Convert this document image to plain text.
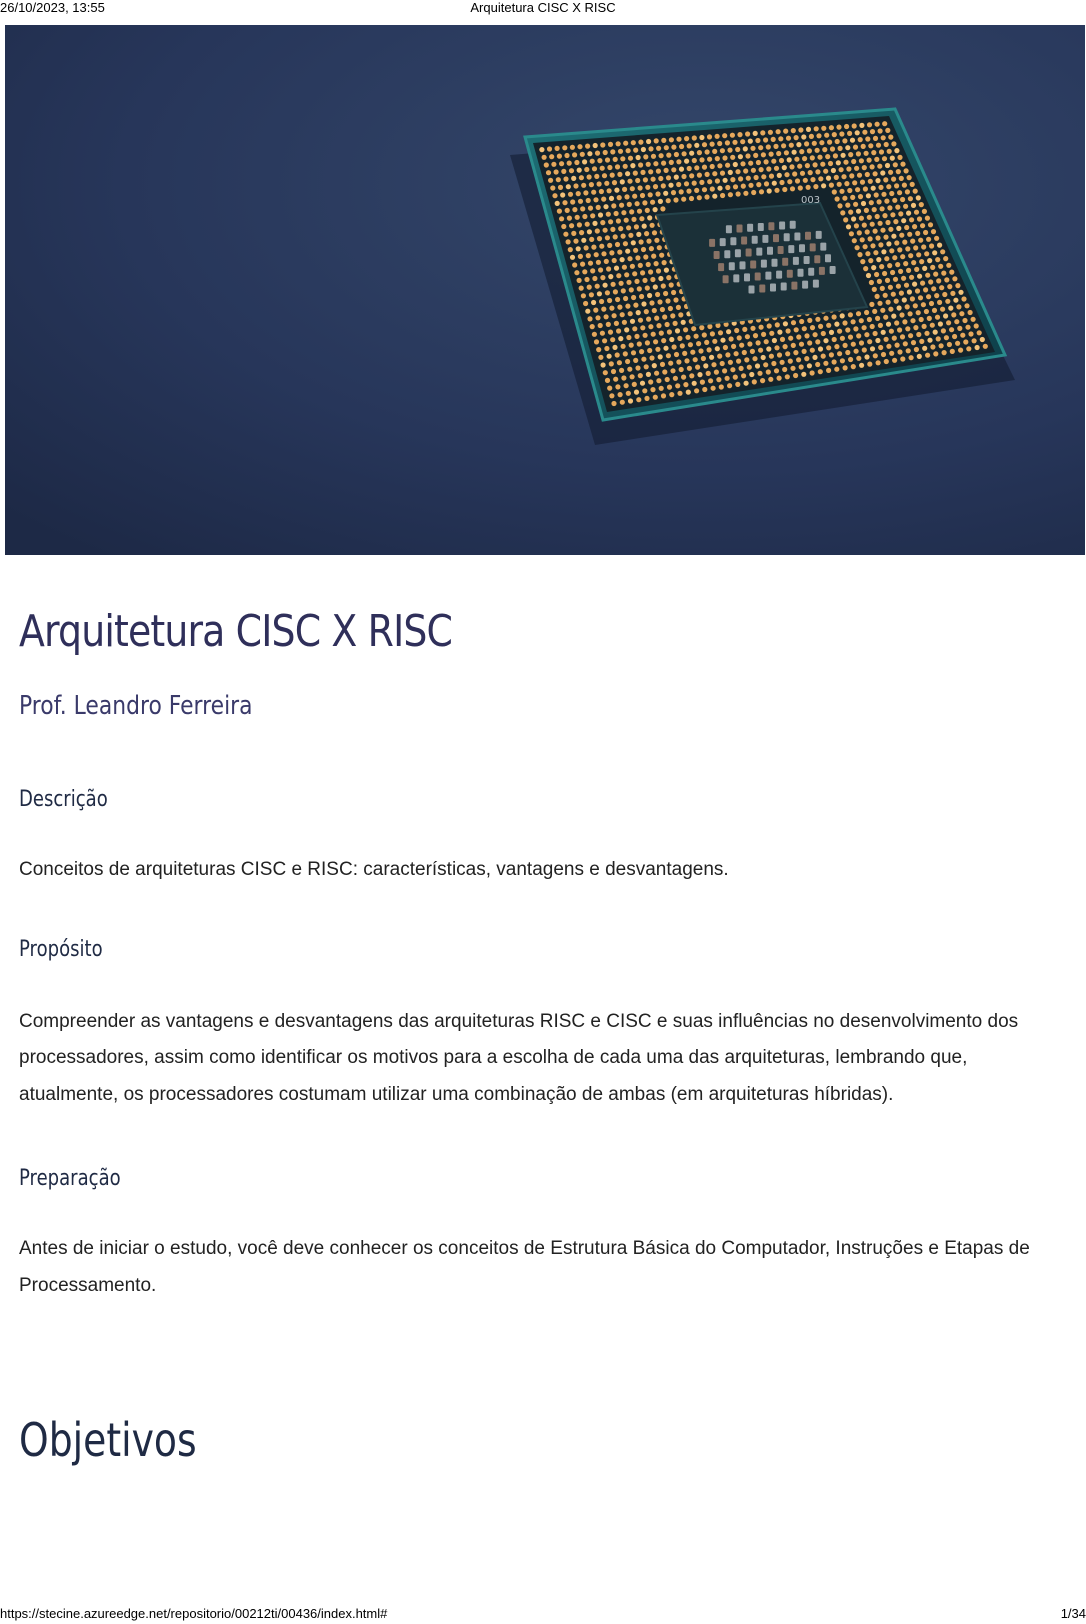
26/10/2023, 13:55	Arquitetura CISC X RISC
003
Arquitetura CISC X RISC
Prof. Leandro Ferreira
Descrição

Conceitos de arquiteturas CISC e RISC: características, vantagens e desvantagens.

Propósito

Compreender as vantagens e desvantagens das arquiteturas RISC e CISC e suas influências no desenvolvimento dos processadores, assim como identificar os motivos para a escolha de cada uma das arquiteturas, lembrando que, atualmente, os processadores costumam utilizar uma combinação de ambas (em arquiteturas híbridas).

Preparação

Antes de iniciar o estudo, você deve conhecer os conceitos de Estrutura Básica do Computador, Instruções e Etapas de Processamento.

Objetivos
https://stecine.azureedge.net/repositorio/00212ti/00436/index.html#	1/34
